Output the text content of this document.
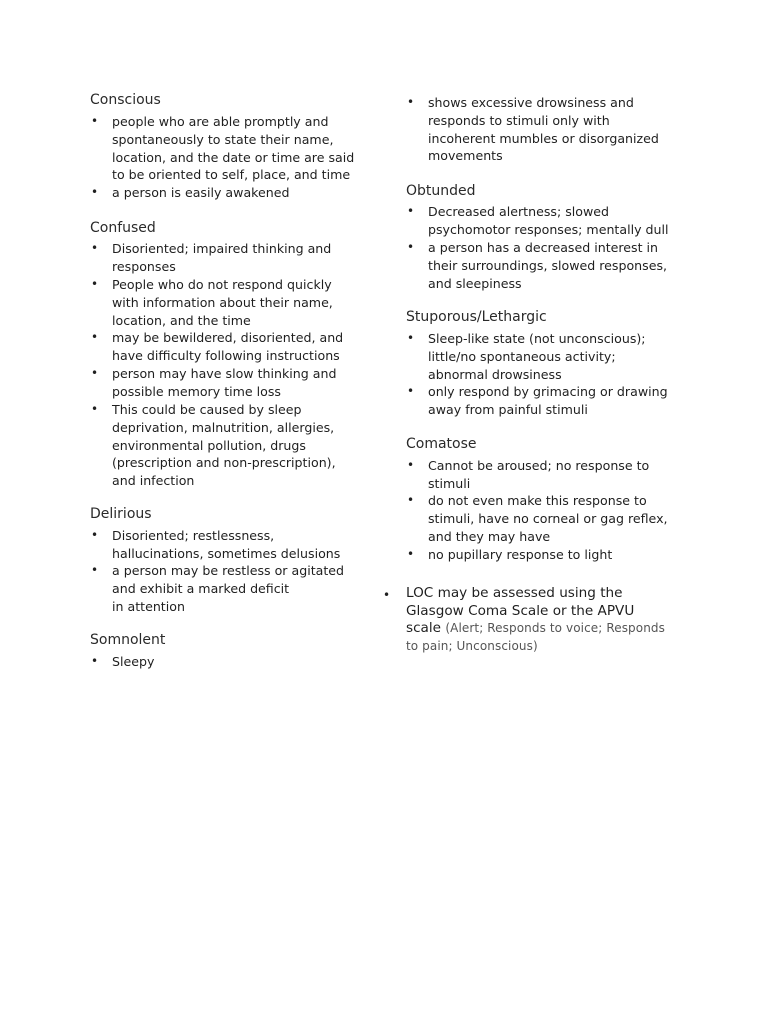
Conscious
• people who are able promptly and
spontaneously to state their name,
location, and the date or time are said
to be oriented to self, place, and time
• a person is easily awakened
Confused
• Disoriented; impaired thinking and
responses
• People who do not respond quickly
with information about their name,
location, and the time
• may be bewildered, disoriented, and
have difficulty following instructions
• person may have slow thinking and
possible memory time loss
• This could be caused by sleep
deprivation, malnutrition, allergies,
environmental pollution, drugs
(prescription and non-prescription),
and infection
Delirious
• Disoriented; restlessness,
hallucinations, sometimes delusions
• a person may be restless or agitated
and exhibit a marked deficit
in attention
Somnolent
• Sleepy
• shows excessive drowsiness and
responds to stimuli only with
incoherent mumbles or disorganized
movements
Obtunded
• Decreased alertness; slowed
psychomotor responses; mentally dull
• a person has a decreased interest in
their surroundings, slowed responses,
and sleepiness
Stuporous/Lethargic
• Sleep-like state (not unconscious);
little/no spontaneous activity;
abnormal drowsiness
• only respond by grimacing or drawing
away from painful stimuli
Comatose
• Cannot be aroused; no response to
stimuli
• do not even make this response to
stimuli, have no corneal or gag reflex,
and they may have
• no pupillary response to light
• LOC may be assessed using the
Glasgow Coma Scale or the APVU
scale (Alert; Responds to voice; Responds
to pain; Unconscious)
